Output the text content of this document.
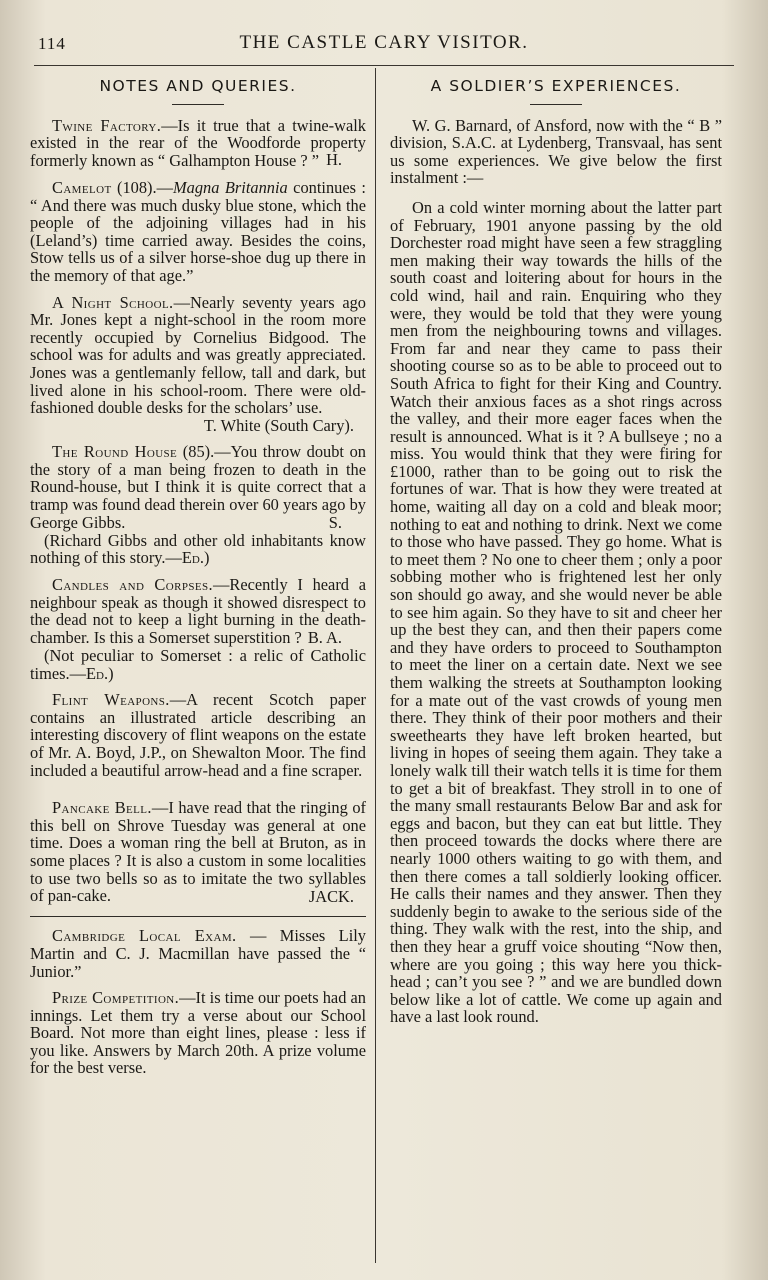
114	THE CASTLE CARY VISITOR.
NOTES AND QUERIES.

Twine Factory.—Is it true that a twine-walk existed in the rear of the Woodforde property formerly known as “ Galhampton House ? ” H.

Camelot (108).—Magna Britannia continues : “ And there was much dusky blue stone, which the people of the adjoining villages had in his (Leland’s) time carried away. Besides the coins, Stow tells us of a silver horse-shoe dug up there in the memory of that age.”

A Night School.—Nearly seventy years ago Mr. Jones kept a night-school in the room more recently occupied by Cornelius Bidgood. The school was for adults and was greatly appreciated. Jones was a gentlemanly fellow, tall and dark, but lived alone in his school-room. There were old-fashioned double desks for the scholars’ use.

T. White (South Cary).

The Round House (85).—You throw doubt on the story of a man being frozen to death in the Round-house, but I think it is quite correct that a tramp was found dead therein over 60 years ago by George Gibbs.	S.

(Richard Gibbs and other old inhabitants know nothing of this story.—Ed.)

Candles and Corpses.—Recently I heard a neighbour speak as though it showed disrespect to the dead not to keep a light burning in the death-chamber. Is this a Somerset superstition ? B. A.

(Not peculiar to Somerset : a relic of Catholic times.—Ed.)

Flint Weapons.—A recent Scotch paper contains an illustrated article describing an interesting discovery of flint weapons on the estate of Mr. A. Boyd, J.P., on Shewalton Moor. The find included a beautiful arrow-head and a fine scraper.

Pancake Bell.—I have read that the ringing of this bell on Shrove Tuesday was general at one time. Does a woman ring the bell at Bruton, as in some places ? It is also a custom in some localities to use two bells so as to imitate the two syllables of pan-cake.	JACK.

Cambridge Local Exam. — Misses Lily Martin and C. J. Macmillan have passed the “ Junior.”

Prize Competition.—It is time our poets had an innings. Let them try a verse about our School Board. Not more than eight lines, please : less if you like. Answers by March 20th. A prize volume for the best verse.

A SOLDIER’S EXPERIENCES.

W. G. Barnard, of Ansford, now with the “ B ” division, S.A.C. at Lydenberg, Transvaal, has sent us some experiences. We give below the first instalment :—

On a cold winter morning about the latter part of February, 1901 anyone passing by the old Dorchester road might have seen a few straggling men making their way towards the hills of the south coast and loitering about for hours in the cold wind, hail and rain. Enquiring who they were, they would be told that they were young men from the neighbouring towns and villages. From far and near they came to pass their shooting course so as to be able to proceed out to South Africa to fight for their King and Country. Watch their anxious faces as a shot rings across the valley, and their more eager faces when the result is announced. What is it ? A bullseye ; no a miss. You would think that they were firing for £1000, rather than to be going out to risk the fortunes of war. That is how they were treated at home, waiting all day on a cold and bleak moor; nothing to eat and nothing to drink. Next we come to those who have passed. They go home. What is to meet them ? No one to cheer them ; only a poor sobbing mother who is frightened lest her only son should go away, and she would never be able to see him again. So they have to sit and cheer her up the best they can, and then their papers come and they have orders to proceed to Southampton to meet the liner on a certain date. Next we see them walking the streets at Southampton looking for a mate out of the vast crowds of young men there. They think of their poor mothers and their sweethearts they have left broken hearted, but living in hopes of seeing them again. They take a lonely walk till their watch tells it is time for them to get a bit of breakfast. They stroll in to one of the many small restaurants Below Bar and ask for eggs and bacon, but they can eat but little. They then proceed towards the docks where there are nearly 1000 others waiting to go with them, and then there comes a tall soldierly looking officer. He calls their names and they answer. Then they suddenly begin to awake to the serious side of the thing. They walk with the rest, into the ship, and then they hear a gruff voice shouting “Now then, where are you going ; this way here you thick-head ; can’t you see ? ” and we are bundled down below like a lot of cattle. We come up again and have a last look round.
